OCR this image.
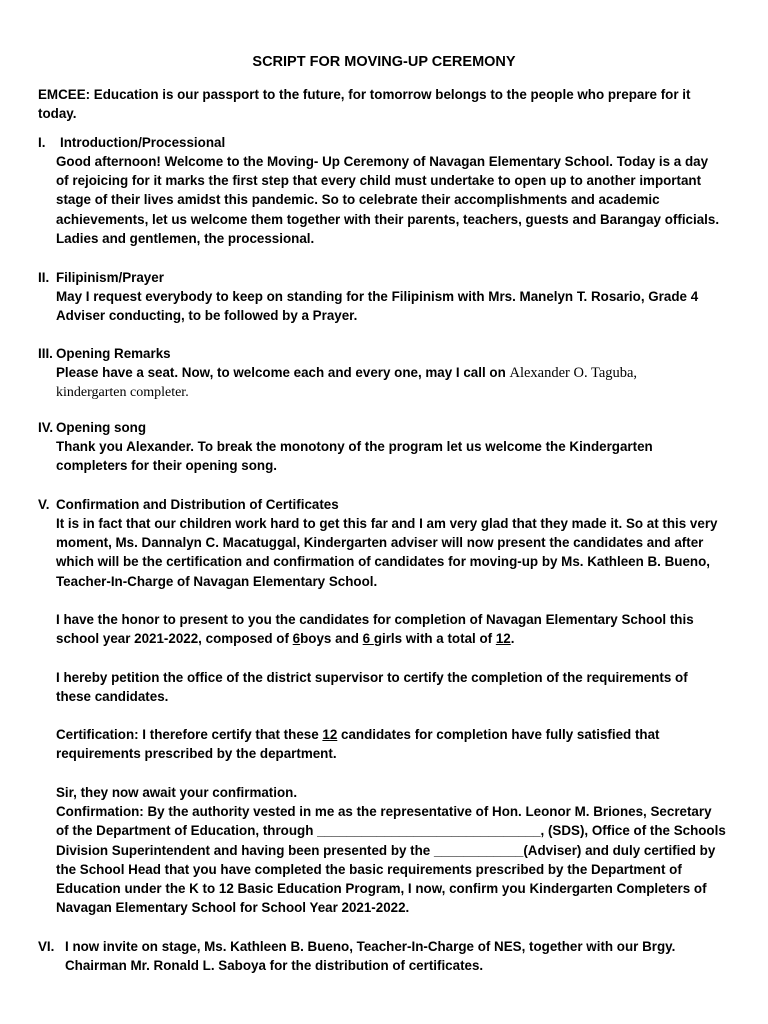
SCRIPT FOR MOVING-UP CEREMONY
EMCEE: Education is our passport to the future, for tomorrow belongs to the people who prepare for it
today.
I. Introduction/Processional
Good afternoon! Welcome to the Moving- Up Ceremony of Navagan Elementary School. Today is a day
of rejoicing for it marks the first step that every child must undertake to open up to another important
stage of their lives amidst this pandemic. So to celebrate their accomplishments and academic
achievements, let us welcome them together with their parents, teachers, guests and Barangay officials.
Ladies and gentlemen, the processional.
II. Filipinism/Prayer
May I request everybody to keep on standing for the Filipinism with Mrs. Manelyn T. Rosario, Grade 4
Adviser conducting, to be followed by a Prayer.
III. Opening Remarks
Please have a seat. Now, to welcome each and every one, may I call on Alexander O. Taguba,
kindergarten completer.
IV. Opening song
Thank you Alexander. To break the monotony of the program let us welcome the Kindergarten
completers for their opening song.
V. Confirmation and Distribution of Certificates
It is in fact that our children work hard to get this far and I am very glad that they made it. So at this very
moment, Ms. Dannalyn C. Macatuggal, Kindergarten adviser will now present the candidates and after
which will be the certification and confirmation of candidates for moving-up by Ms. Kathleen B. Bueno,
Teacher-In-Charge of Navagan Elementary School.
I have the honor to present to you the candidates for completion of Navagan Elementary School this
school year 2021-2022, composed of 6boys and 6 girls with a total of 12.
I hereby petition the office of the district supervisor to certify the completion of the requirements of
these candidates.
Certification: I therefore certify that these 12 candidates for completion have fully satisfied that
requirements prescribed by the department.
Sir, they now await your confirmation.
Confirmation: By the authority vested in me as the representative of Hon. Leonor M. Briones, Secretary
of the Department of Education, through ______________________________, (SDS), Office of the Schools
Division Superintendent and having been presented by the ____________(Adviser) and duly certified by
the School Head that you have completed the basic requirements prescribed by the Department of
Education under the K to 12 Basic Education Program, I now, confirm you Kindergarten Completers of
Navagan Elementary School for School Year 2021-2022.
VI. I now invite on stage, Ms. Kathleen B. Bueno, Teacher-In-Charge of NES, together with our Brgy.
Chairman Mr. Ronald L. Saboya for the distribution of certificates.
